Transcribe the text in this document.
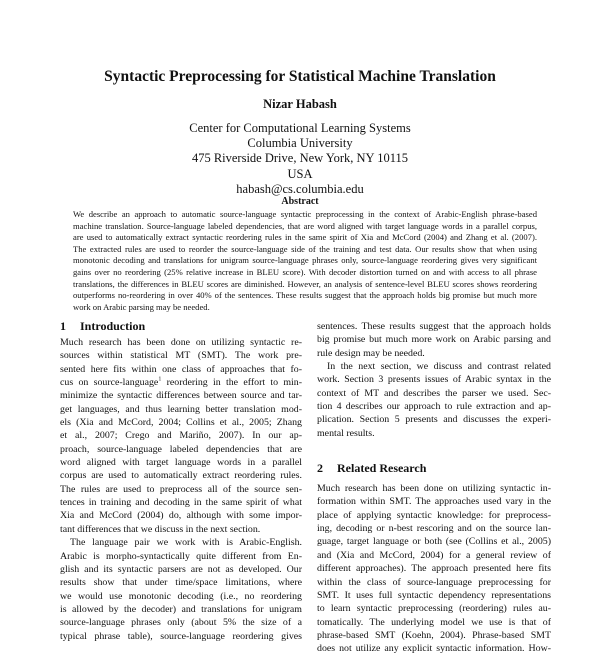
Syntactic Preprocessing for Statistical Machine Translation
Nizar Habash
Center for Computational Learning Systems
Columbia University
475 Riverside Drive, New York, NY 10115
USA
habash@cs.columbia.edu
Abstract
We describe an approach to automatic source-language syntactic preprocessing in the context of Arabic-English phrase-based
machine translation. Source-language labeled dependencies, that are word aligned with target language words in a parallel corpus,
are used to automatically extract syntactic reordering rules in the same spirit of Xia and McCord (2004) and Zhang et al. (2007).
The extracted rules are used to reorder the source-language side of the training and test data. Our results show that when using
monotonic decoding and translations for unigram source-language phrases only, source-language reordering gives very significant
gains over no reordering (25% relative increase in BLEU score). With decoder distortion turned on and with access to all phrase
translations, the differences in BLEU scores are diminished. However, an analysis of sentence-level BLEU scores shows reordering
outperforms no-reordering in over 40% of the sentences. These results suggest that the approach holds big promise but much more
work on Arabic parsing may be needed.
1 Introduction
Much research has been done on utilizing syntactic re-
sources within statistical MT (SMT). The work pre-
sented here fits within one class of approaches that fo-
cus on source-language$^1$ reordering in the effort to min-
minimize the syntactic differences between source and tar-
get languages, and thus learning better translation mod-
els (Xia and McCord, 2004; Collins et al., 2005; Zhang
et al., 2007; Crego and Mariño, 2007). In our ap-
proach, source-language labeled dependencies that are
word aligned with target language words in a parallel
corpus are used to automatically extract reordering rules.
The rules are used to preprocess all of the source sen-
tences in training and decoding in the same spirit of what
Xia and McCord (2004) do, although with some impor-
tant differences that we discuss in the next section.
The language pair we work with is Arabic-English.
Arabic is morpho-syntactically quite different from En-
glish and its syntactic parsers are not as developed. Our
results show that under time/space limitations, where
we would use monotonic decoding (i.e., no reordering
is allowed by the decoder) and translations for unigram
source-language phrases only (about 5% the size of a
typical phrase table), source-language reordering gives
sentences. These results suggest that the approach holds
big promise but much more work on Arabic parsing and
rule design may be needed.
In the next section, we discuss and contrast related
work. Section 3 presents issues of Arabic syntax in the
context of MT and describes the parser we used. Sec-
tion 4 describes our approach to rule extraction and ap-
plication. Section 5 presents and discusses the experi-
mental results.
2 Related Research
Much research has been done on utilizing syntactic in-
formation within SMT. The approaches used vary in the
place of applying syntactic knowledge: for preprocess-
ing, decoding or n-best rescoring and on the source lan-
guage, target language or both (see (Collins et al., 2005)
and (Xia and McCord, 2004) for a general review of
different approaches). The approach presented here fits
within the class of source-language preprocessing for
SMT. It uses full syntactic dependency representations
to learn syntactic preprocessing (reordering) rules au-
tomatically. The underlying model we use is that of
phrase-based SMT (Koehn, 2004). Phrase-based SMT
does not utilize any explicit syntactic information. How-
